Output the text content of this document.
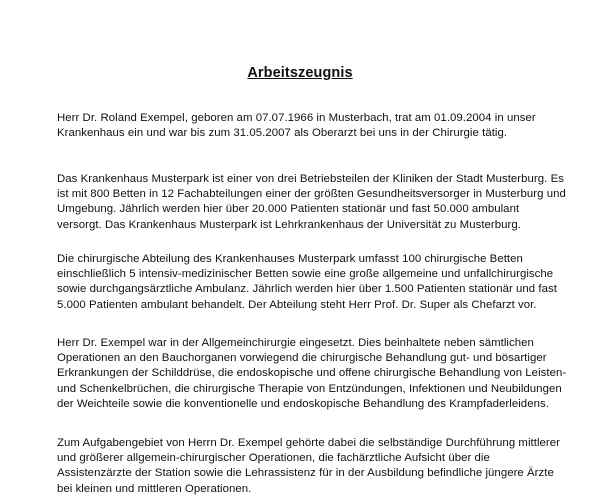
Arbeitszeugnis

Herr Dr. Roland Exempel, geboren am 07.07.1966 in Musterbach, trat am 01.09.2004 in unser Krankenhaus ein und war bis zum 31.05.2007 als Oberarzt bei uns in der Chirurgie tätig.

Das Krankenhaus Musterpark ist einer von drei Betriebsteilen der Kliniken der Stadt Musterburg. Es ist mit 800 Betten in 12 Fachabteilungen einer der größten Gesundheitsversorger in Musterburg und Umgebung. Jährlich werden hier über 20.000 Patienten stationär und fast 50.000 ambulant versorgt. Das Krankenhaus Musterpark ist Lehrkrankenhaus der Universität zu Musterburg.

Die chirurgische Abteilung des Krankenhauses Musterpark umfasst 100 chirurgische Betten einschließlich 5 intensiv-medizinischer Betten sowie eine große allgemeine und unfallchirurgische sowie durchgangsärztliche Ambulanz. Jährlich werden hier über 1.500 Patienten stationär und fast 5.000 Patienten ambulant behandelt. Der Abteilung steht Herr Prof. Dr. Super als Chefarzt vor.

Herr Dr. Exempel war in der Allgemeinchirurgie eingesetzt. Dies beinhaltete neben sämtlichen Operationen an den Bauchorganen vorwiegend die chirurgische Behandlung gut- und bösartiger Erkrankungen der Schilddrüse, die endoskopische und offene chirurgische Behandlung von Leisten- und Schenkelbrüchen, die chirurgische Therapie von Entzündungen, Infektionen und Neubildungen der Weichteile sowie die konventionelle und endoskopische Behandlung des Krampfaderleidens.

Zum Aufgabengebiet von Herrn Dr. Exempel gehörte dabei die selbständige Durchführung mittlerer und größerer allgemein-chirurgischer Operationen, die fachärztliche Aufsicht über die Assistenzärzte der Station sowie die Lehrassistenz für in der Ausbildung befindliche jüngere Ärzte bei kleinen und mittleren Operationen.
